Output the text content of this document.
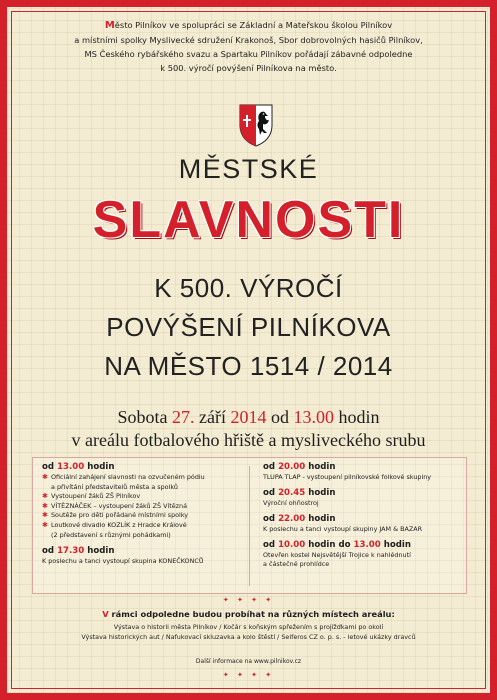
Město Pilníkov ve spolupráci se Základní a Mateřskou školou Pilníkov
a místními spolky Myslivecké sdružení Krakonoš, Sbor dobrovolných hasičů Pilníkov,
MS Českého rybářského svazu a Spartaku Pilníkov pořádají zábavné odpoledne
k 500. výročí povýšení Pilníkova na město.
MĚSTSKÉ
SLAVNOSTI
K 500. VÝROČÍ
POVÝŠENÍ PILNÍKOVA
NA MĚSTO 1514 / 2014
Sobota 27. září 2014 od 13.00 hodin
v areálu fotbalového hřiště a mysliveckého srubu
od 13.00 hodin
✱ Oficiální zahájení slavnosti na ozvučeném pódiu
a přivítání představitelů města a spolků
✱ Vystoupení žáků ZŠ Pilníkov
✱ VÍTĚZNÁČEK – vystoupení žáků ZŠ Vítězná
✱ Soutěže pro děti pořádané místními spolky
✱ Loutkové divadlo KOZLÍK z Hradce Králové
(2 představení s různými pohádkami)
od 17.30 hodin
K poslechu a tanci vystoupí skupina KONEČKONCŮ
od 20.00 hodin
TLUPA TLAP - vystoupení pilníkovské folkové skupiny
od 20.45 hodin
Výroční ohňostroj
od 22.00 hodin
K poslechu a tanci vystoupí skupiny JAM & BAZAR
od 10.00 hodin do 13.00 hodin
Otevřen kostel Nejsvětější Trojice k nahlédnutí
a částečné prohlídce
✦ ✦ ✦ ✦
V rámci odpoledne budou probíhat na různých místech areálu:
Výstava o historii města Pilníkov / Kočár s koňským spřežením s projížďkami po okolí
Výstava historických aut / Nafukovací skluzavka a kolo štěstí / Seiferos CZ o. p. s. - letové ukázky dravců
Další informace na www.pilnikov.cz
✦ ✦ ✦ ✦
